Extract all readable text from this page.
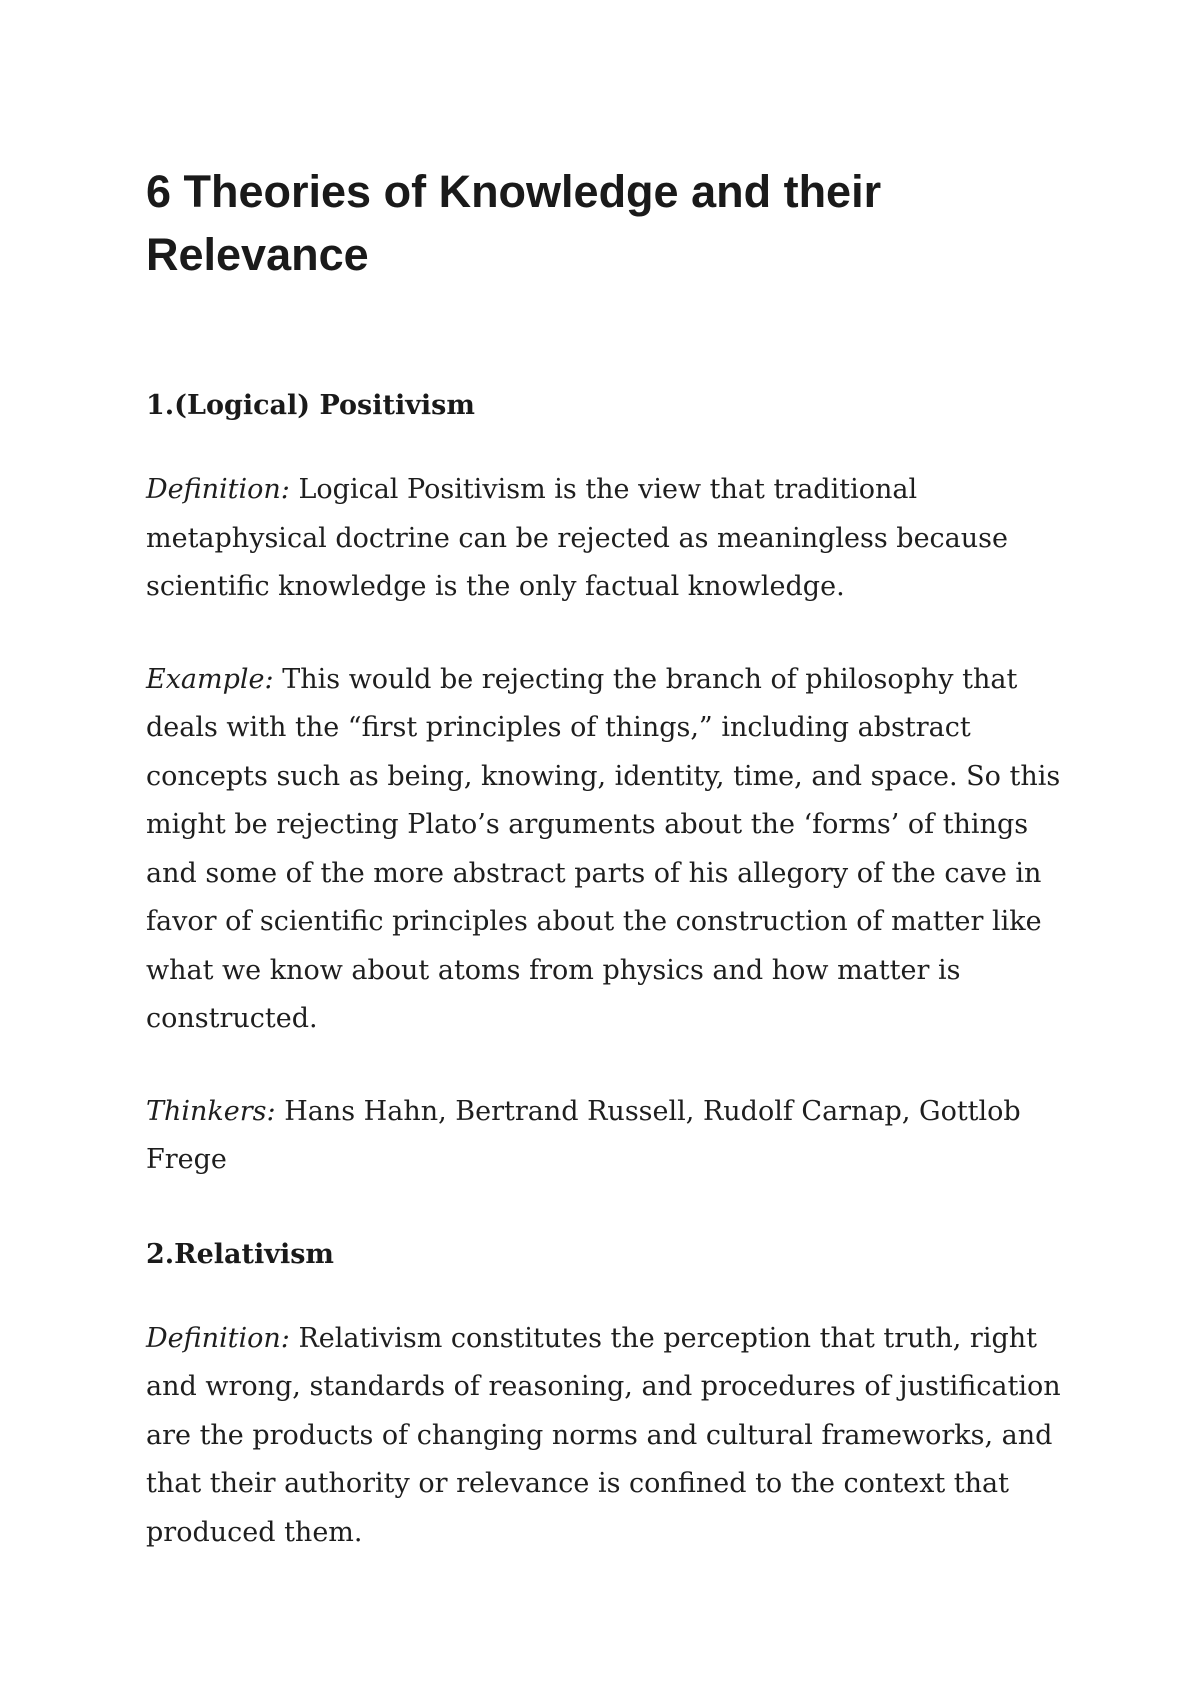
6 Theories of Knowledge and their Relevance
1.(Logical) Positivism

Definition: Logical Positivism is the view that traditional metaphysical doctrine can be rejected as meaningless because scientific knowledge is the only factual knowledge.

Example: This would be rejecting the branch of philosophy that deals with the “first principles of things,” including abstract concepts such as being, knowing, identity, time, and space. So this might be rejecting Plato’s arguments about the ‘forms’ of things and some of the more abstract parts of his allegory of the cave in favor of scientific principles about the construction of matter like what we know about atoms from physics and how matter is constructed.

Thinkers: Hans Hahn, Bertrand Russell, Rudolf Carnap, Gottlob Frege

2.Relativism

Definition: Relativism constitutes the perception that truth, right and wrong, standards of reasoning, and procedures of justification are the products of changing norms and cultural frameworks, and that their authority or relevance is confined to the context that produced them.
